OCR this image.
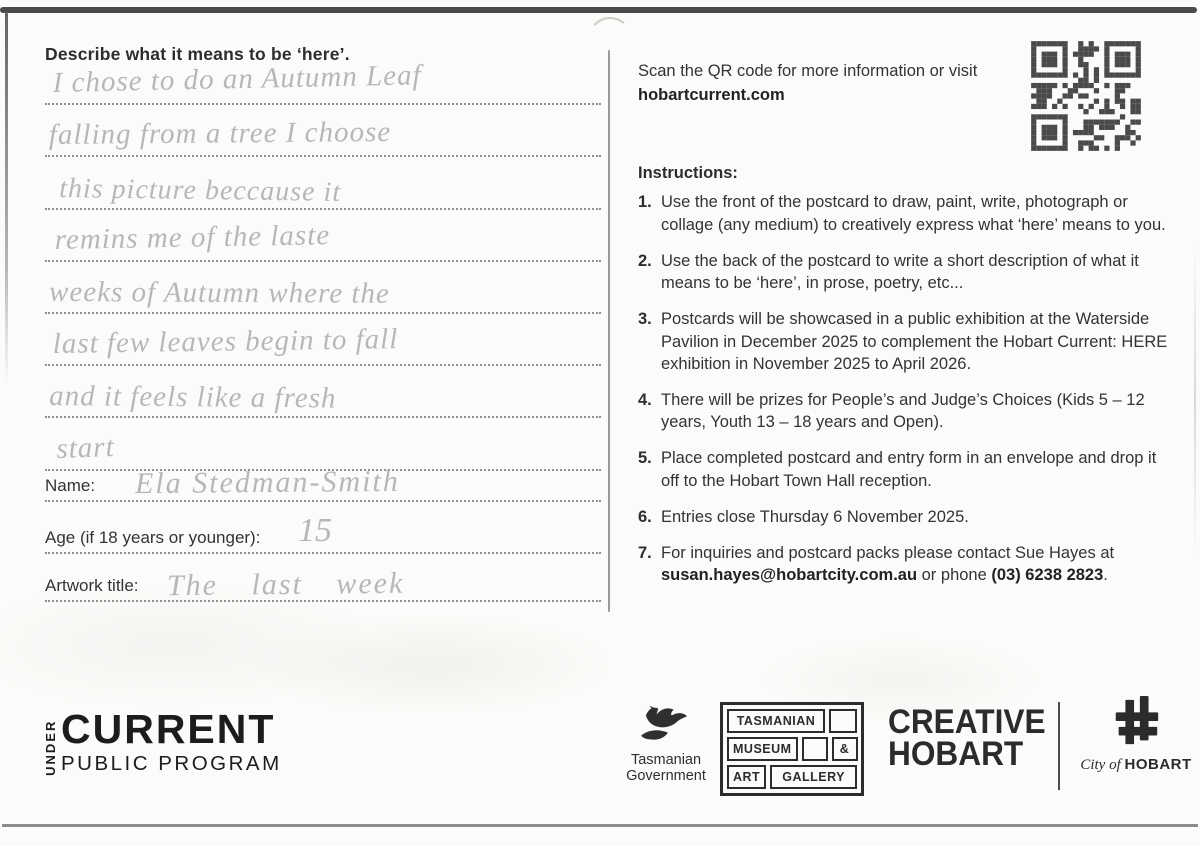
Describe what it means to be ‘here’.
I chose to do an Autumn Leaf
falling from a tree I choose
this picture beccause it
remins me of the laste
weeks of Autumn where the
last few leaves begin to fall
and it feels like a fresh
start
Name: Ela Stedman-Smith
Age (if 18 years or younger): 15
Artwork title: The last week

Scan the QR code for more information or visit hobartcurrent.com

Instructions:
1. Use the front of the postcard to draw, paint, write, photograph or collage (any medium) to creatively express what ‘here’ means to you.
2. Use the back of the postcard to write a short description of what it means to be ‘here’, in prose, poetry, etc...
3. Postcards will be showcased in a public exhibition at the Waterside Pavilion in December 2025 to complement the Hobart Current: HERE exhibition in November 2025 to April 2026.
4. There will be prizes for People’s and Judge’s Choices (Kids 5 – 12 years, Youth 13 – 18 years and Open).
5. Place completed postcard and entry form in an envelope and drop it off to the Hobart Town Hall reception.
6. Entries close Thursday 6 November 2025.
7. For inquiries and postcard packs please contact Sue Hayes at susan.hayes@hobartcity.com.au or phone (03) 6238 2823.
UNDER CURRENT
PUBLIC PROGRAM	Tasmanian
Government
TASMANIAN
MUSEUM	&
ART	GALLERY
CREATIVE
HOBART	City of HOBART
